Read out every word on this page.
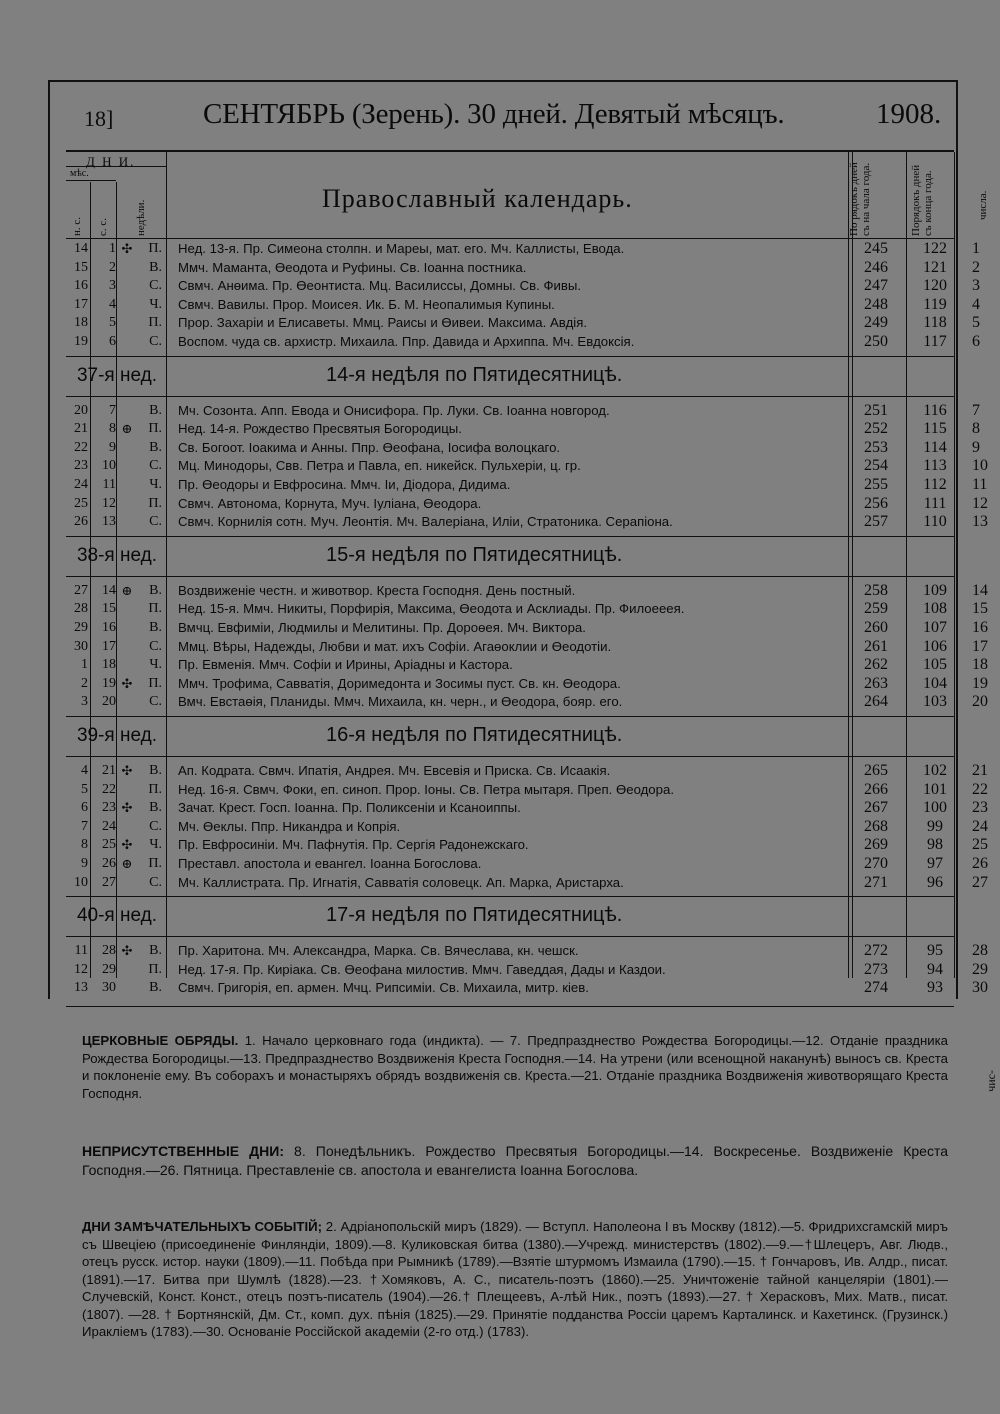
18]	СЕНТЯБРЬ (Зерень). 30 дней. Девятый мѣсяцъ.	1908.
Д Н И.
мѣс.
н. с. с. с. недѣли.
Православный календарь.	По рядокъ дней съ на чала года.	Порядокъ дней съ конца года.	числа.
14	1 ✣	П. Нед. 13-я. Пр. Симеона столпн. и Мареы, мат. его. Мч. Каллисты, Евода.	245	122	1
15	2	В. Ммч. Маманта, Өеодота и Руфины. Св. Іоанна постника.	246	121	2
16	3	С. Свмч. Анөима. Пр. Өеонтиста. Мц. Василиссы, Домны. Св. Фивы.	247	120	3
17	4	Ч. Свмч. Вавилы. Прор. Моисея. Ик. Б. М. Неопалимыя Купины.	248	119	4
18	5	П. Прор. Захаріи и Елисаветы. Ммц. Раисы и Өивеи. Максима. Авдія.	249	118	5
19	6	С. Воспом. чуда св. архистр. Михаила. Ппр. Давида и Архиппа. Мч. Евдоксія.	250	117	6
37-я нед.	14-я недѣля по Пятидесятницѣ.
20	7	В. Мч. Созонта. Апп. Евода и Онисифора. Пр. Луки. Св. Іоанна новгород.	251	116	7
21	8 ⊕	П. Нед. 14-я. Рождество Пресвятыя Богородицы.	252	115	8
22	9	В. Св. Богоот. Іоакима и Анны. Ппр. Өеофана, Іосифа волоцкаго.	253	114	9
23	10	С. Мц. Минодоры, Свв. Петра и Павла, еп. никейск. Пульхеріи, ц. гр.	254	113	10
24	11	Ч. Пр. Өеодоры и Евфросина. Ммч. Іи, Діодора, Дидима.	255	112	11
25	12	П. Свмч. Автонома, Корнута, Муч. Іуліана, Өеодора.	256	111	12
26	13	С. Свмч. Корнилія сотн. Муч. Леонтія. Мч. Валеріана, Иліи, Стратоника. Серапіона.	257	110	13
38-я нед.	15-я недѣля по Пятидесятницѣ.
27	14 ⊕	В. Воздвиженіе честн. и животвор. Креста Господня. День постный.	258	109	14
28	15	П. Нед. 15-я. Ммч. Никиты, Порфирія, Максима, Өеодота и Асклиады. Пр. Филоееея.	259	108	15
29	16	В. Вмчц. Евфиміи, Людмилы и Мелитины. Пр. Дороөея. Мч. Виктора.	260	107	16
30	17	С. Ммц. Вѣры, Надежды, Любви и мат. ихъ Софіи. Агаөоклии и Өеодотіи.	261	106	17
1	18	Ч. Пр. Евменія. Ммч. Софіи и Ирины, Аріадны и Кастора.	262	105	18
2	19 ✣	П. Ммч. Трофима, Савватія, Доримедонта и Зосимы пуст. Св. кн. Өеодора.	263	104	19
3	20	С. Вмч. Евстаөія, Планиды. Ммч. Михаила, кн. черн., и Өеодора, бояр. его.	264	103	20
39-я нед.	16-я недѣля по Пятидесятницѣ.
4	21 ✣	В. Ап. Кодрата. Свмч. Ипатія, Андрея. Мч. Евсевія и Приска. Св. Исаакія.	265	102	21
5	22	П. Нед. 16-я. Свмч. Фоки, еп. синоп. Прор. Іоны. Св. Петра мытаря. Преп. Өеодора.	266	101	22
6	23 ✣	В. Зачат. Крест. Госп. Іоанна. Пр. Поликсеніи и Ксаноиппы.	267	100	23
7	24	С. Мч. Өеклы. Ппр. Никандра и Копрія.	268	99	24
8	25 ✣	Ч. Пр. Евфросиніи. Мч. Пафнутія. Пр. Сергія Радонежскаго.	269	98	25
9	26 ⊕	П. Преставл. апостола и евангел. Іоанна Богослова.	270	97	26
10	27	С. Мч. Каллистрата. Пр. Игнатія, Савватія соловецк. Ап. Марка, Аристарха.	271	96	27
40-я нед.	17-я недѣля по Пятидесятницѣ.
11	28 ✣	В. Пр. Харитона. Мч. Александра, Марка. Св. Вячеслава, кн. чешск.	272	95	28
12	29	П. Нед. 17-я. Пр. Киріака. Св. Өеофана милостив. Ммч. Гаведдая, Дады и Каздои.	273	94	29
13	30	В. Свмч. Григорія, еп. армен. Мчц. Рипсиміи. Св. Михаила, митр. кіев.	274	93	30
ЦЕРКОВНЫЕ ОБРЯДЫ. 1. Начало церковнаго года (индикта). — 7. Предпразднество Рождества Богородицы.—12. Отданіе праздника Рождества Богородицы.—13. Предпразднество Воздвиженія Креста Господня.—14. На утрени (или всенощной наканунѣ) выносъ св. Креста и поклоненіе ему. Въ соборахъ и монастыряхъ обрядъ воздвиженія св. Креста.—21. Отданіе праздника Воздвиженія животворящаго Креста Господня.
НЕПРИСУТСТВЕННЫЕ ДНИ: 8. Понедѣльникъ. Рождество Пресвятыя Богородицы.—14. Воскресенье. Воздвиженіе Креста Господня.—26. Пятница. Преставленіе св. апостола и евангелиста Іоанна Богослова.
ДНИ ЗАМѢЧАТЕЛЬНЫХЪ СОБЫТІЙ; 2. Адріанопольскій миръ (1829). — Вступл. Наполеона I въ Москву (1812).—5. Фридрихсгамскій миръ съ Швеціею (присоединеніе Финляндіи, 1809).—8. Куликовская битва (1380).—Учрежд. министерствъ (1802).—9.—†Шлецеръ, Авг. Людв., отецъ русск. истор. науки (1809).—11. Побѣда при Рымникѣ (1789).—Взятіе штурмомъ Измаила (1790).—15. † Гончаровъ, Ив. Алдр., писат. (1891).—17. Битва при Шумлѣ (1828).—23. †Хомяковъ, А. С., писатель-поэтъ (1860).—25. Уничтоженіе тайной канцеляріи (1801).—Случевскій, Конст. Конст., отецъ поэтъ-писатель (1904).—26.† Плещеевъ, А-лѣй Ник., поэтъ (1893).—27. † Херасковъ, Мих. Матв., писат. (1807). —28. † Бортнянскій, Дм. Ст., комп. дух. пѣнія (1825).—29. Принятіе подданства Россіи царемъ Карталинск. и Кахетинск. (Грузинск.) Иракліемъ (1783).—30. Основаніе Россійской академіи (2-го отд.) (1783).
чис-
